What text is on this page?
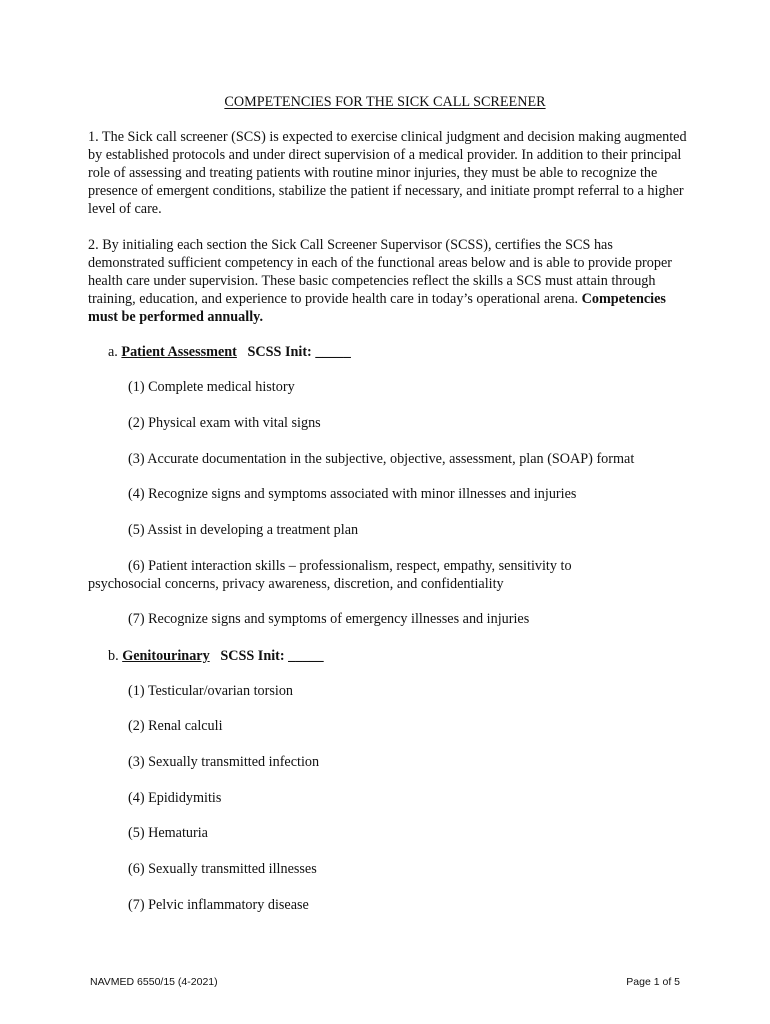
COMPETENCIES FOR THE SICK CALL SCREENER
1. The Sick call screener (SCS) is expected to exercise clinical judgment and decision making augmented by established protocols and under direct supervision of a medical provider. In addition to their principal role of assessing and treating patients with routine minor injuries, they must be able to recognize the presence of emergent conditions, stabilize the patient if necessary, and initiate prompt referral to a higher level of care.
2. By initialing each section the Sick Call Screener Supervisor (SCSS), certifies the SCS has demonstrated sufficient competency in each of the functional areas below and is able to provide proper health care under supervision. These basic competencies reflect the skills a SCS must attain through training, education, and experience to provide health care in today’s operational arena. Competencies must be performed annually.
a. Patient Assessment SCSS Init: _____
(1) Complete medical history
(2) Physical exam with vital signs
(3) Accurate documentation in the subjective, objective, assessment, plan (SOAP) format
(4) Recognize signs and symptoms associated with minor illnesses and injuries
(5) Assist in developing a treatment plan
(6) Patient interaction skills – professionalism, respect, empathy, sensitivity to psychosocial concerns, privacy awareness, discretion, and confidentiality
(7) Recognize signs and symptoms of emergency illnesses and injuries
b. Genitourinary SCSS Init: _____
(1) Testicular/ovarian torsion
(2) Renal calculi
(3) Sexually transmitted infection
(4) Epididymitis
(5) Hematuria
(6) Sexually transmitted illnesses
(7) Pelvic inflammatory disease
NAVMED 6550/15 (4-2021)	Page 1 of 5
